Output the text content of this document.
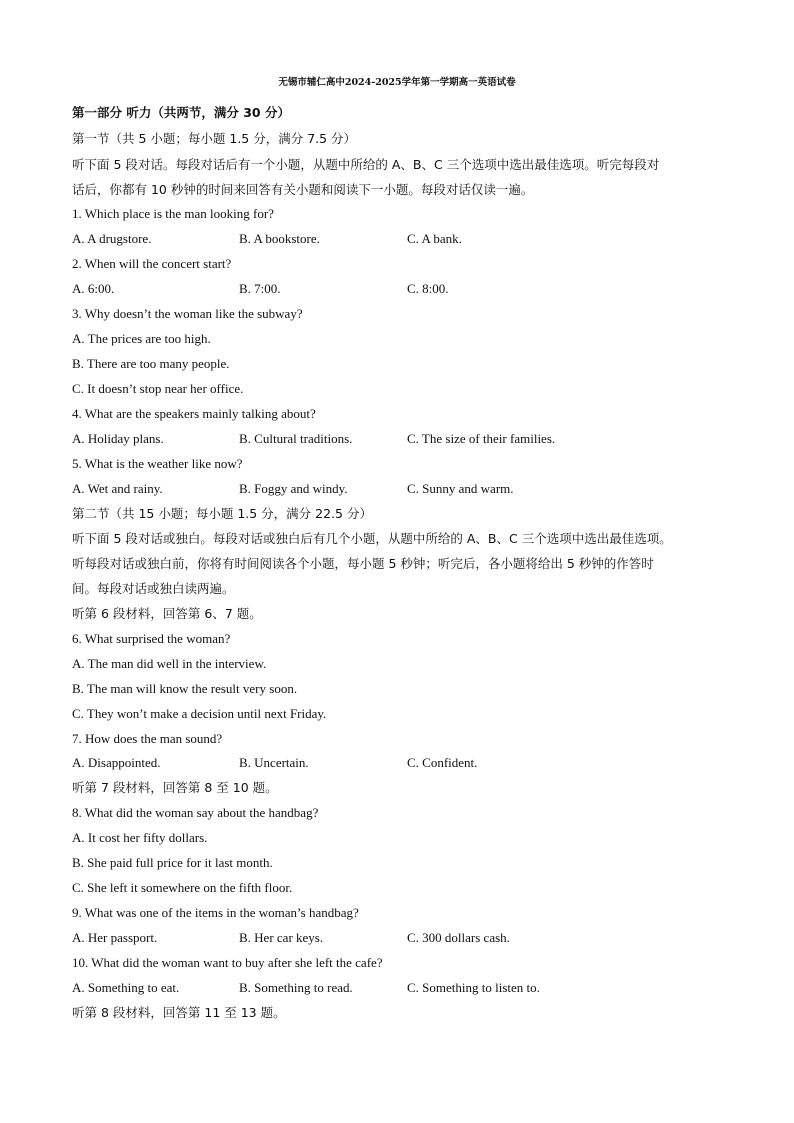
无锡市辅仁高中2024-2025学年第一学期高一英语试卷
第一部分 听力（共两节，满分 30 分）
第一节（共 5 小题；每小题 1.5 分，满分 7.5 分）
听下面 5 段对话。每段对话后有一个小题，从题中所给的 A、B、C 三个选项中选出最佳选项。听完每段对
话后，你都有 10 秒钟的时间来回答有关小题和阅读下一小题。每段对话仅读一遍。
1. Which place is the man looking for?
A. A drugstore.	B. A bookstore.	C. A bank.
2. When will the concert start?
A. 6:00.	B. 7:00.	C. 8:00.
3. Why doesn’t the woman like the subway?
A. The prices are too high.
B. There are too many people.
C. It doesn’t stop near her office.
4. What are the speakers mainly talking about?
A. Holiday plans.	B. Cultural traditions.	C. The size of their families.
5. What is the weather like now?
A. Wet and rainy.	B. Foggy and windy.	C. Sunny and warm.
第二节（共 15 小题；每小题 1.5 分，满分 22.5 分）
听下面 5 段对话或独白。每段对话或独白后有几个小题，从题中所给的 A、B、C 三个选项中选出最佳选项。
听每段对话或独白前，你将有时间阅读各个小题，每小题 5 秒钟；听完后，各小题将给出 5 秒钟的作答时
间。每段对话或独白读两遍。
听第 6 段材料，回答第 6、7 题。
6. What surprised the woman?
A. The man did well in the interview.
B. The man will know the result very soon.
C. They won’t make a decision until next Friday.
7. How does the man sound?
A. Disappointed.	B. Uncertain.	C. Confident.
听第 7 段材料，回答第 8 至 10 题。
8. What did the woman say about the handbag?
A. It cost her fifty dollars.
B. She paid full price for it last month.
C. She left it somewhere on the fifth floor.
9. What was one of the items in the woman’s handbag?
A. Her passport.	B. Her car keys.	C. 300 dollars cash.
10. What did the woman want to buy after she left the cafe?
A. Something to eat.	B. Something to read.	C. Something to listen to.
听第 8 段材料，回答第 11 至 13 题。
